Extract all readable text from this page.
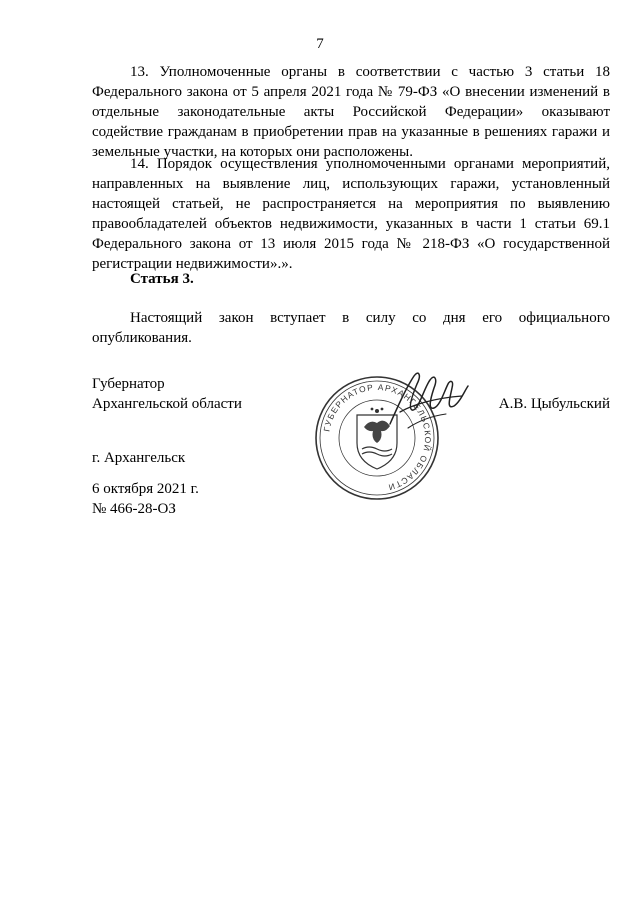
7

13. Уполномоченные органы в соответствии с частью 3 статьи 18 Федерального закона от 5 апреля 2021 года № 79-ФЗ «О внесении изменений в отдельные законодательные акты Российской Федерации» оказывают содействие гражданам в приобретении прав на указанные в решениях гаражи и земельные участки, на которых они расположены.

14. Порядок осуществления уполномоченными органами мероприятий, направленных на выявление лиц, использующих гаражи, установленный настоящей статьей, не распространяется на мероприятия по выявлению правообладателей объектов недвижимости, указанных в части 1 статьи 69.1 Федерального закона от 13 июля 2015 года № 218-ФЗ «О государственной регистрации недвижимости».».

Статья 3.

Настоящий закон вступает в силу со дня его официального опубликования.

Губернатор
Архангельской области	А.В. Цыбульский
ГУБЕРНАТОР АРХАНГЕЛЬСКОЙ ОБЛАСТИ
г. Архангельск
6 октября 2021 г.
№ 466-28-ОЗ
